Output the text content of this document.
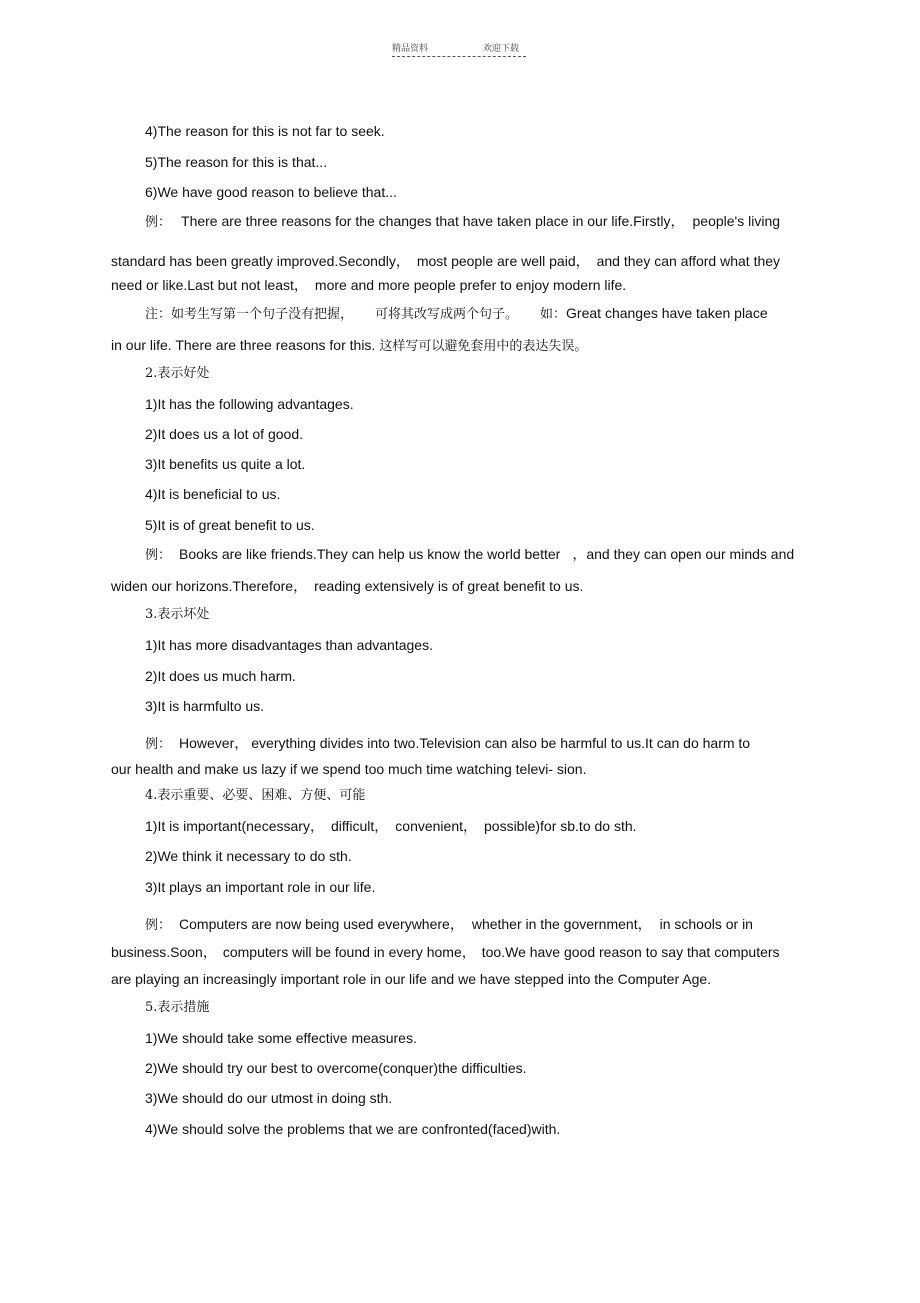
精品资料	欢迎下载
4)The reason for this is not far to seek.
5)The reason for this is that...
6)We have good reason to believe that...
例： There are three reasons for the changes that have taken place in our life.Firstly， people's living
standard has been greatly improved.Secondly， most people are well paid， and they can afford what they
need or like.Last but not least， more and more people prefer to enjoy modern life.
注：如考生写第一个句子没有把握， 可将其改写成两个句子。 如：Great changes have taken place
in our life. There are three reasons for this. 这样写可以避免套用中的表达失误。
2.表示好处
1)It has the following advantages.
2)It does us a lot of good.
3)It benefits us quite a lot.
4)It is beneficial to us.
5)It is of great benefit to us.
例： Books are like friends.They can help us know the world better ，and they can open our minds and
widen our horizons.Therefore， reading extensively is of great benefit to us.
3.表示坏处
1)It has more disadvantages than advantages.
2)It does us much harm.
3)It is harmfulto us.
例： However， everything divides into two.Television can also be harmful to us.It can do harm to
our health and make us lazy if we spend too much time watching televi- sion.
4.表示重要、必要、困难、方便、可能
1)It is important(necessary， difficult， convenient， possible)for sb.to do sth.
2)We think it necessary to do sth.
3)It plays an important role in our life.
例： Computers are now being used everywhere， whether in the government， in schools or in
business.Soon， computers will be found in every home， too.We have good reason to say that computers
are playing an increasingly important role in our life and we have stepped into the Computer Age.
5.表示措施
1)We should take some effective measures.
2)We should try our best to overcome(conquer)the difficulties.
3)We should do our utmost in doing sth.
4)We should solve the problems that we are confronted(faced)with.
